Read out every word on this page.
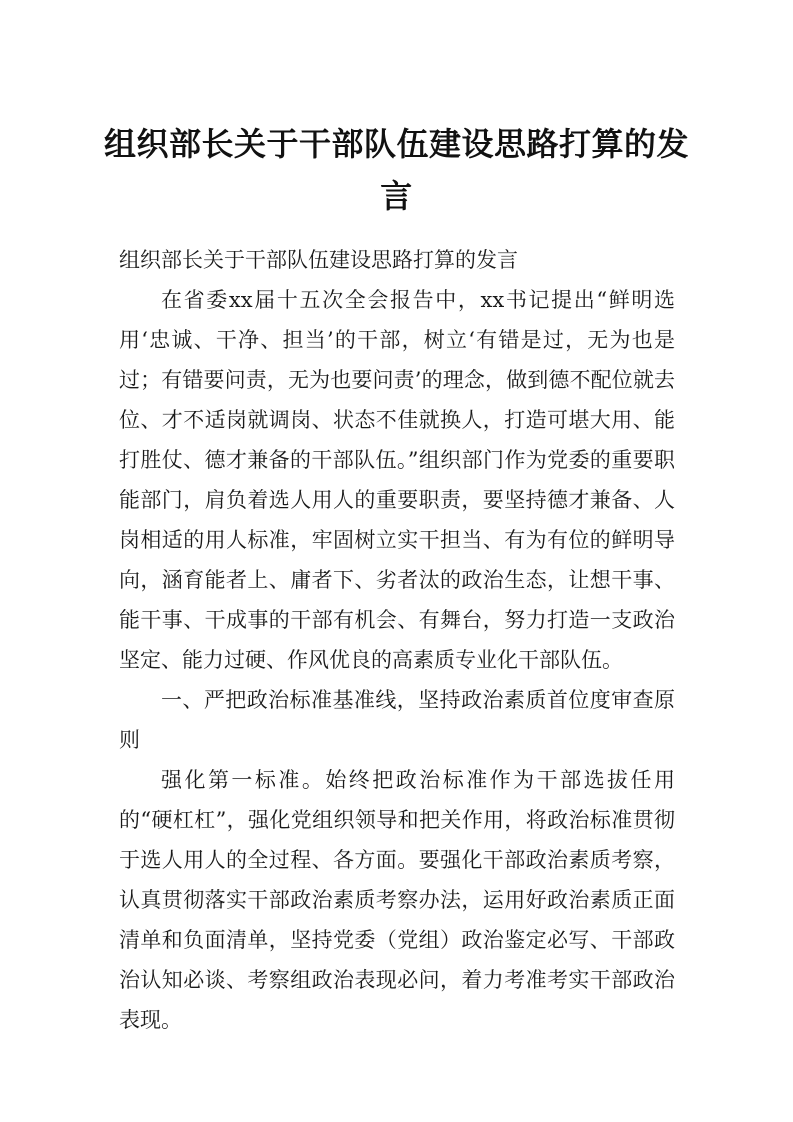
组织部长关于干部队伍建设思路打算的发言

组织部长关于干部队伍建设思路打算的发言

在省委xx届十五次全会报告中，xx书记提出“鲜明选用‘忠诚、干净、担当’的干部，树立‘有错是过，无为也是过；有错要问责，无为也要问责’的理念，做到德不配位就去位、才不适岗就调岗、状态不佳就换人，打造可堪大用、能打胜仗、德才兼备的干部队伍。”组织部门作为党委的重要职能部门，肩负着选人用人的重要职责，要坚持德才兼备、人岗相适的用人标准，牢固树立实干担当、有为有位的鲜明导向，涵育能者上、庸者下、劣者汰的政治生态，让想干事、能干事、干成事的干部有机会、有舞台，努力打造一支政治坚定、能力过硬、作风优良的高素质专业化干部队伍。

一、严把政治标准基准线，坚持政治素质首位度审查原则

强化第一标准。始终把政治标准作为干部选拔任用的“硬杠杠”，强化党组织领导和把关作用，将政治标准贯彻于选人用人的全过程、各方面。要强化干部政治素质考察，认真贯彻落实干部政治素质考察办法，运用好政治素质正面清单和负面清单，坚持党委（党组）政治鉴定必写、干部政治认知必谈、考察组政治表现必问，着力考准考实干部政治表现。
